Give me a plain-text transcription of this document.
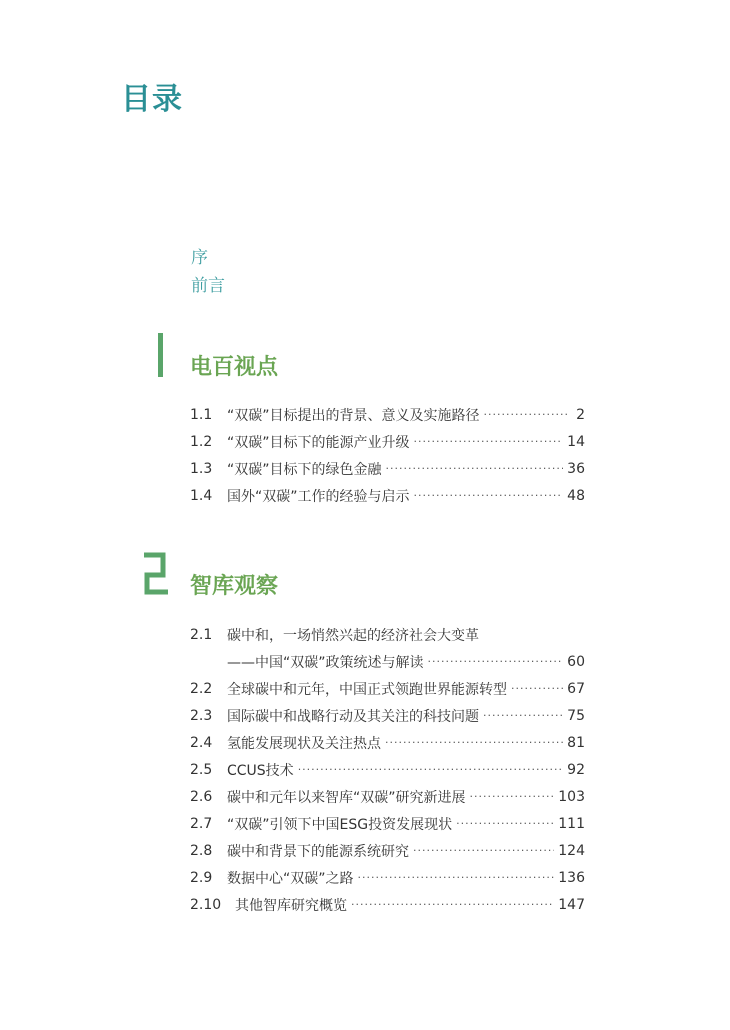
目录
序
前言
电百视点
1.1	“双碳”目标提出的背景、意义及实施路径 ·····	2
1.2	“双碳”目标下的能源产业升级 ·····	14
1.3	“双碳”目标下的绿色金融 ·····	36
1.4	国外“双碳”工作的经验与启示 ·····	48
智库观察
2.1	碳中和，一场悄然兴起的经济社会大变革
——中国“双碳”政策统述与解读 ·····	60
2.2	全球碳中和元年，中国正式领跑世界能源转型 ·····	67
2.3	国际碳中和战略行动及其关注的科技问题 ·····	75
2.4	氢能发展现状及关注热点 ·····	81
2.5	CCUS技术 ·····	92
2.6	碳中和元年以来智库“双碳”研究新进展 ·····	103
2.7	“双碳”引领下中国ESG投资发展现状 ·····	111
2.8	碳中和背景下的能源系统研究 ·····	124
2.9	数据中心“双碳”之路 ·····	136
2.10 其他智库研究概览 ·····	147
